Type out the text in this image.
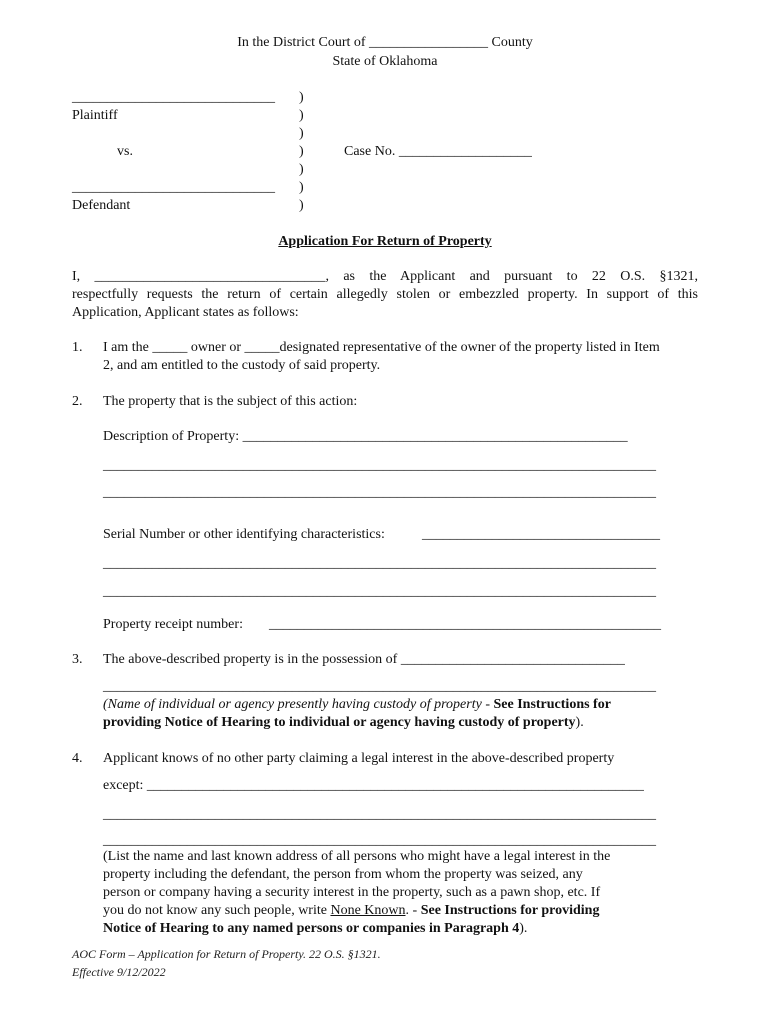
In the District Court of _________________ County
State of Oklahoma
_____________________________
Plaintiff
vs.
_____________________________
Defendant
)
)
)
)
)
)
)
Case No. ___________________
Application For Return of Property
I, _________________________________, as the Applicant and pursuant to 22 O.S. §1321,
respectfully requests the return of certain allegedly stolen or embezzled property. In support of this
Application, Applicant states as follows:
1. I am the _____ owner or _____designated representative of the owner of the property listed in Item
2, and am entitled to the custody of said property.
2. The property that is the subject of this action:
Description of Property: _______________________________________________________
_______________________________________________________________________________
_______________________________________________________________________________
Serial Number or other identifying characteristics:	__________________________________
_______________________________________________________________________________
_______________________________________________________________________________
Property receipt number: ________________________________________________________
3. The above-described property is in the possession of ________________________________
_______________________________________________________________________________
(Name of individual or agency presently having custody of property - See Instructions for
providing Notice of Hearing to individual or agency having custody of property).
4. Applicant knows of no other party claiming a legal interest in the above-described property
except: _______________________________________________________________________
_______________________________________________________________________________
_______________________________________________________________________________
(List the name and last known address of all persons who might have a legal interest in the
property including the defendant, the person from whom the property was seized, any
person or company having a security interest in the property, such as a pawn shop, etc. If
you do not know any such people, write None Known. - See Instructions for providing
Notice of Hearing to any named persons or companies in Paragraph 4).
AOC Form – Application for Return of Property. 22 O.S. §1321.
Effective 9/12/2022
